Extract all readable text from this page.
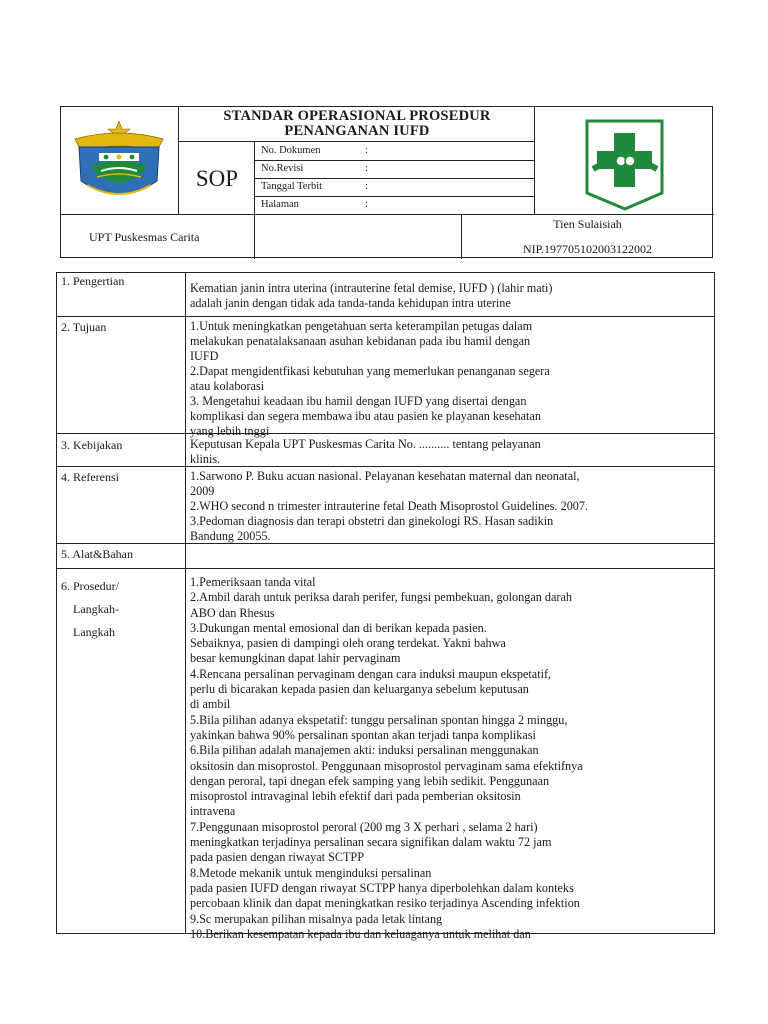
STANDAR OPERASIONAL PROSEDUR
PENANGANAN IUFD
SOP
No. Dokumen	:
No.Revisi	:
Tanggal Terbit	:
Halaman	:
UPT Puskesmas Carita
Tien Sulaisiah
NIP.197705102003122002

1. Pengertian	Kematian janin intra uterina (intrauterine fetal demise, IUFD ) (lahir mati)

adalah janin dengan tidak ada tanda-tanda kehidupan intra uterine

2. Tujuan	1.Untuk meningkatkan pengetahuan serta keterampilan petugas dalam

melakukan penatalaksanaan asuhan kebidanan pada ibu hamil dengan

IUFD

2.Dapat mengidentfikasi kebutuhan yang memerlukan penanganan segera

atau kolaborasi

3. Mengetahui keadaan ibu hamil dengan IUFD yang disertai dengan

komplikasi dan segera membawa ibu atau pasien ke playanan kesehatan

yang lebih tnggi

3. Kebijakan	Keputusan Kepala UPT Puskesmas Carita No. .......... tentang pelayanan

klinis.

4. Referensi	1.Sarwono P. Buku acuan nasional. Pelayanan kesehatan maternal dan neonatal,

2009

2.WHO second n trimester intrauterine fetal Death Misoprostol Guidelines. 2007.

3.Pedoman diagnosis dan terapi obstetri dan ginekologi RS. Hasan sadikin

Bandung 20055.

5. Alat&Bahan

6. Prosedur/

Langkah-

Langkah

1.Pemeriksaan tanda vital

2.Ambil darah untuk periksa darah perifer, fungsi pembekuan, golongan darah

ABO dan Rhesus

3.Dukungan mental emosional dan di berikan kepada pasien.

Sebaiknya, pasien di dampingi oleh orang terdekat. Yakni bahwa

besar kemungkinan dapat lahir pervaginam

4.Rencana persalinan pervaginam dengan cara induksi maupun ekspetatif,

perlu di bicarakan kepada pasien dan keluarganya sebelum keputusan

di ambil

5.Bila pilihan adanya ekspetatif: tunggu persalinan spontan hingga 2 minggu,

yakinkan bahwa 90% persalinan spontan akan terjadi tanpa komplikasi

6.Bila pilihan adalah manajemen akti: induksi persalinan menggunakan

oksitosin dan misoprostol. Penggunaan misoprostol pervaginam sama efektifnya

dengan peroral, tapi dnegan efek samping yang lebih sedikit. Penggunaan

misoprostol intravaginal lebih efektif dari pada pemberian oksitosin

intravena

7.Penggunaan misoprostol peroral (200 mg 3 X perhari , selama 2 hari)

meningkatkan terjadinya persalinan secara signifikan dalam waktu 72 jam

pada pasien dengan riwayat SCTPP

8.Metode mekanik untuk menginduksi persalinan

pada pasien IUFD dengan riwayat SCTPP hanya diperbolehkan dalam konteks

percobaan klinik dan dapat meningkatkan resiko terjadinya Ascending infektion

9.Sc merupakan pilihan misalnya pada letak lintang

10.Berikan kesempatan kepada ibu dan keluaganya untuk melihat dan
